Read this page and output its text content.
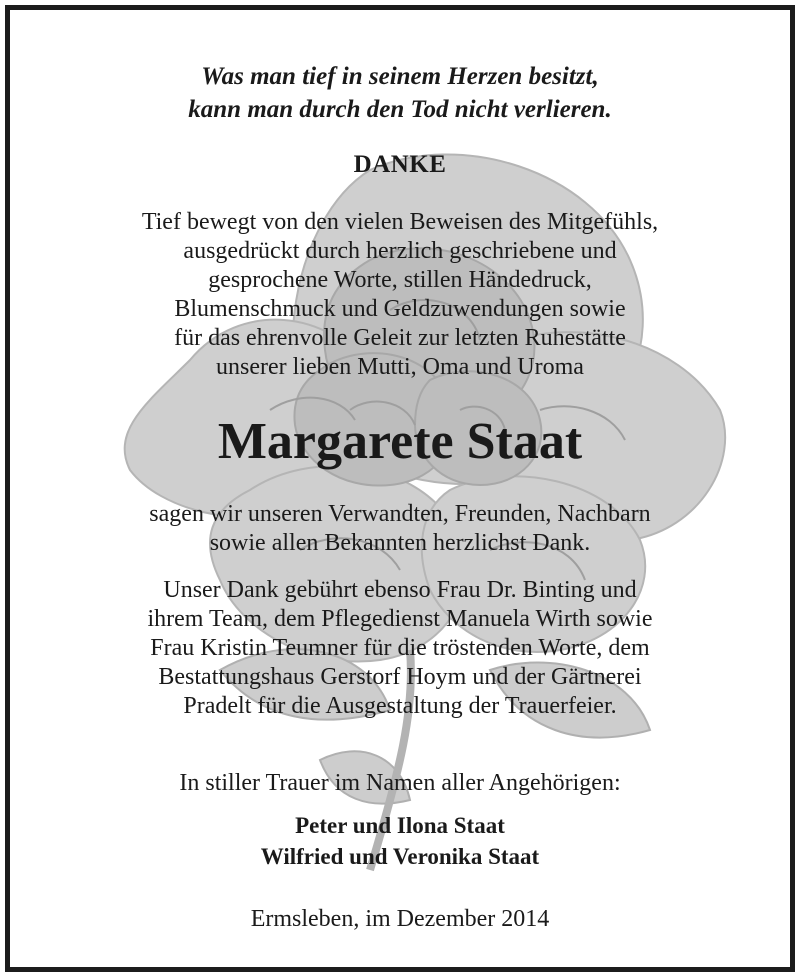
Was man tief in seinem Herzen besitzt,
kann man durch den Tod nicht verlieren.

DANKE

Tief bewegt von den vielen Beweisen des Mitgefühls,
ausgedrückt durch herzlich geschriebene und
gesprochene Worte, stillen Händedruck,
Blumenschmuck und Geldzuwendungen sowie
für das ehrenvolle Geleit zur letzten Ruhestätte
unserer lieben Mutti, Oma und Uroma

Margarete Staat

sagen wir unseren Verwandten, Freunden, Nachbarn
sowie allen Bekannten herzlichst Dank.

Unser Dank gebührt ebenso Frau Dr. Binting und
ihrem Team, dem Pflegedienst Manuela Wirth sowie
Frau Kristin Teumner für die tröstenden Worte, dem
Bestattungshaus Gerstorf Hoym und der Gärtnerei
Pradelt für die Ausgestaltung der Trauerfeier.

In stiller Trauer im Namen aller Angehörigen:

Peter und Ilona Staat
Wilfried und Veronika Staat

Ermsleben, im Dezember 2014
